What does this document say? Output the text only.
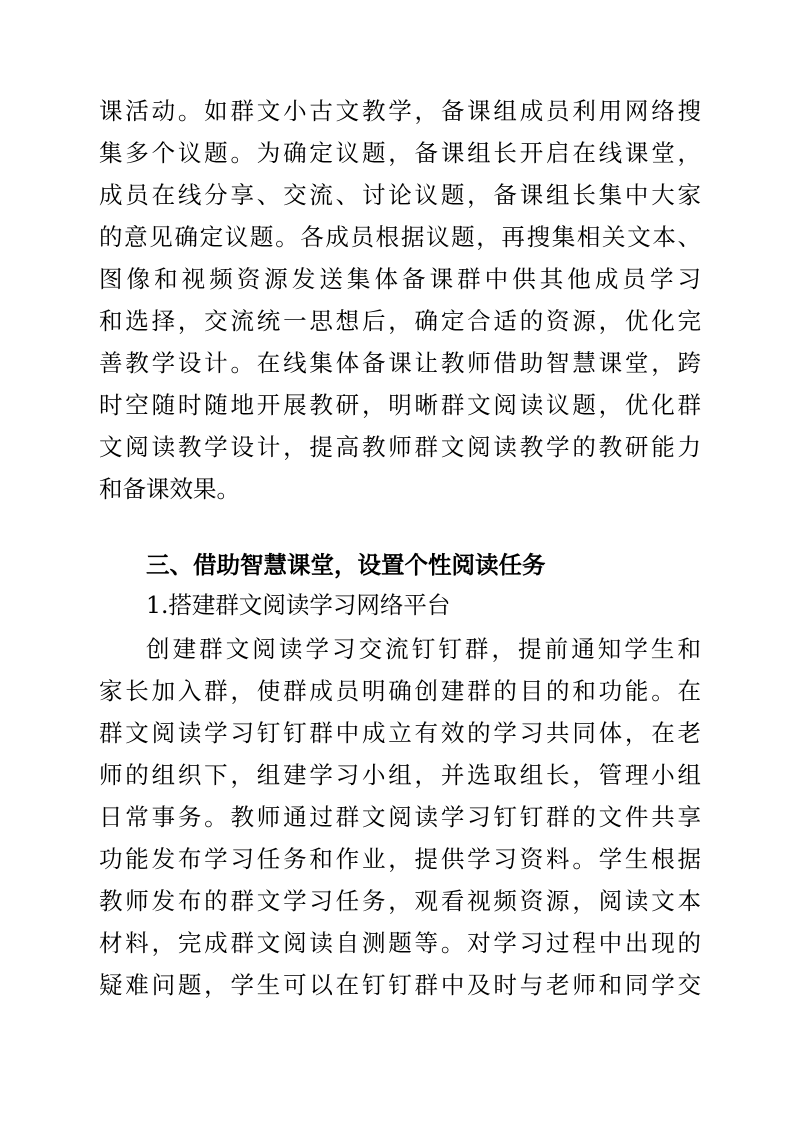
课活动。如群文小古文教学，备课组成员利用网络搜
集多个议题。为确定议题，备课组长开启在线课堂，
成员在线分享、交流、讨论议题，备课组长集中大家
的意见确定议题。各成员根据议题，再搜集相关文本、
图像和视频资源发送集体备课群中供其他成员学习
和选择，交流统一思想后，确定合适的资源，优化完
善教学设计。在线集体备课让教师借助智慧课堂，跨
时空随时随地开展教研，明晰群文阅读议题，优化群
文阅读教学设计，提高教师群文阅读教学的教研能力
和备课效果。
三、借助智慧课堂，设置个性阅读任务
1.搭建群文阅读学习网络平台
创建群文阅读学习交流钉钉群，提前通知学生和
家长加入群，使群成员明确创建群的目的和功能。在
群文阅读学习钉钉群中成立有效的学习共同体，在老
师的组织下，组建学习小组，并选取组长，管理小组
日常事务。教师通过群文阅读学习钉钉群的文件共享
功能发布学习任务和作业，提供学习资料。学生根据
教师发布的群文学习任务，观看视频资源，阅读文本
材料，完成群文阅读自测题等。对学习过程中出现的
疑难问题，学生可以在钉钉群中及时与老师和同学交
